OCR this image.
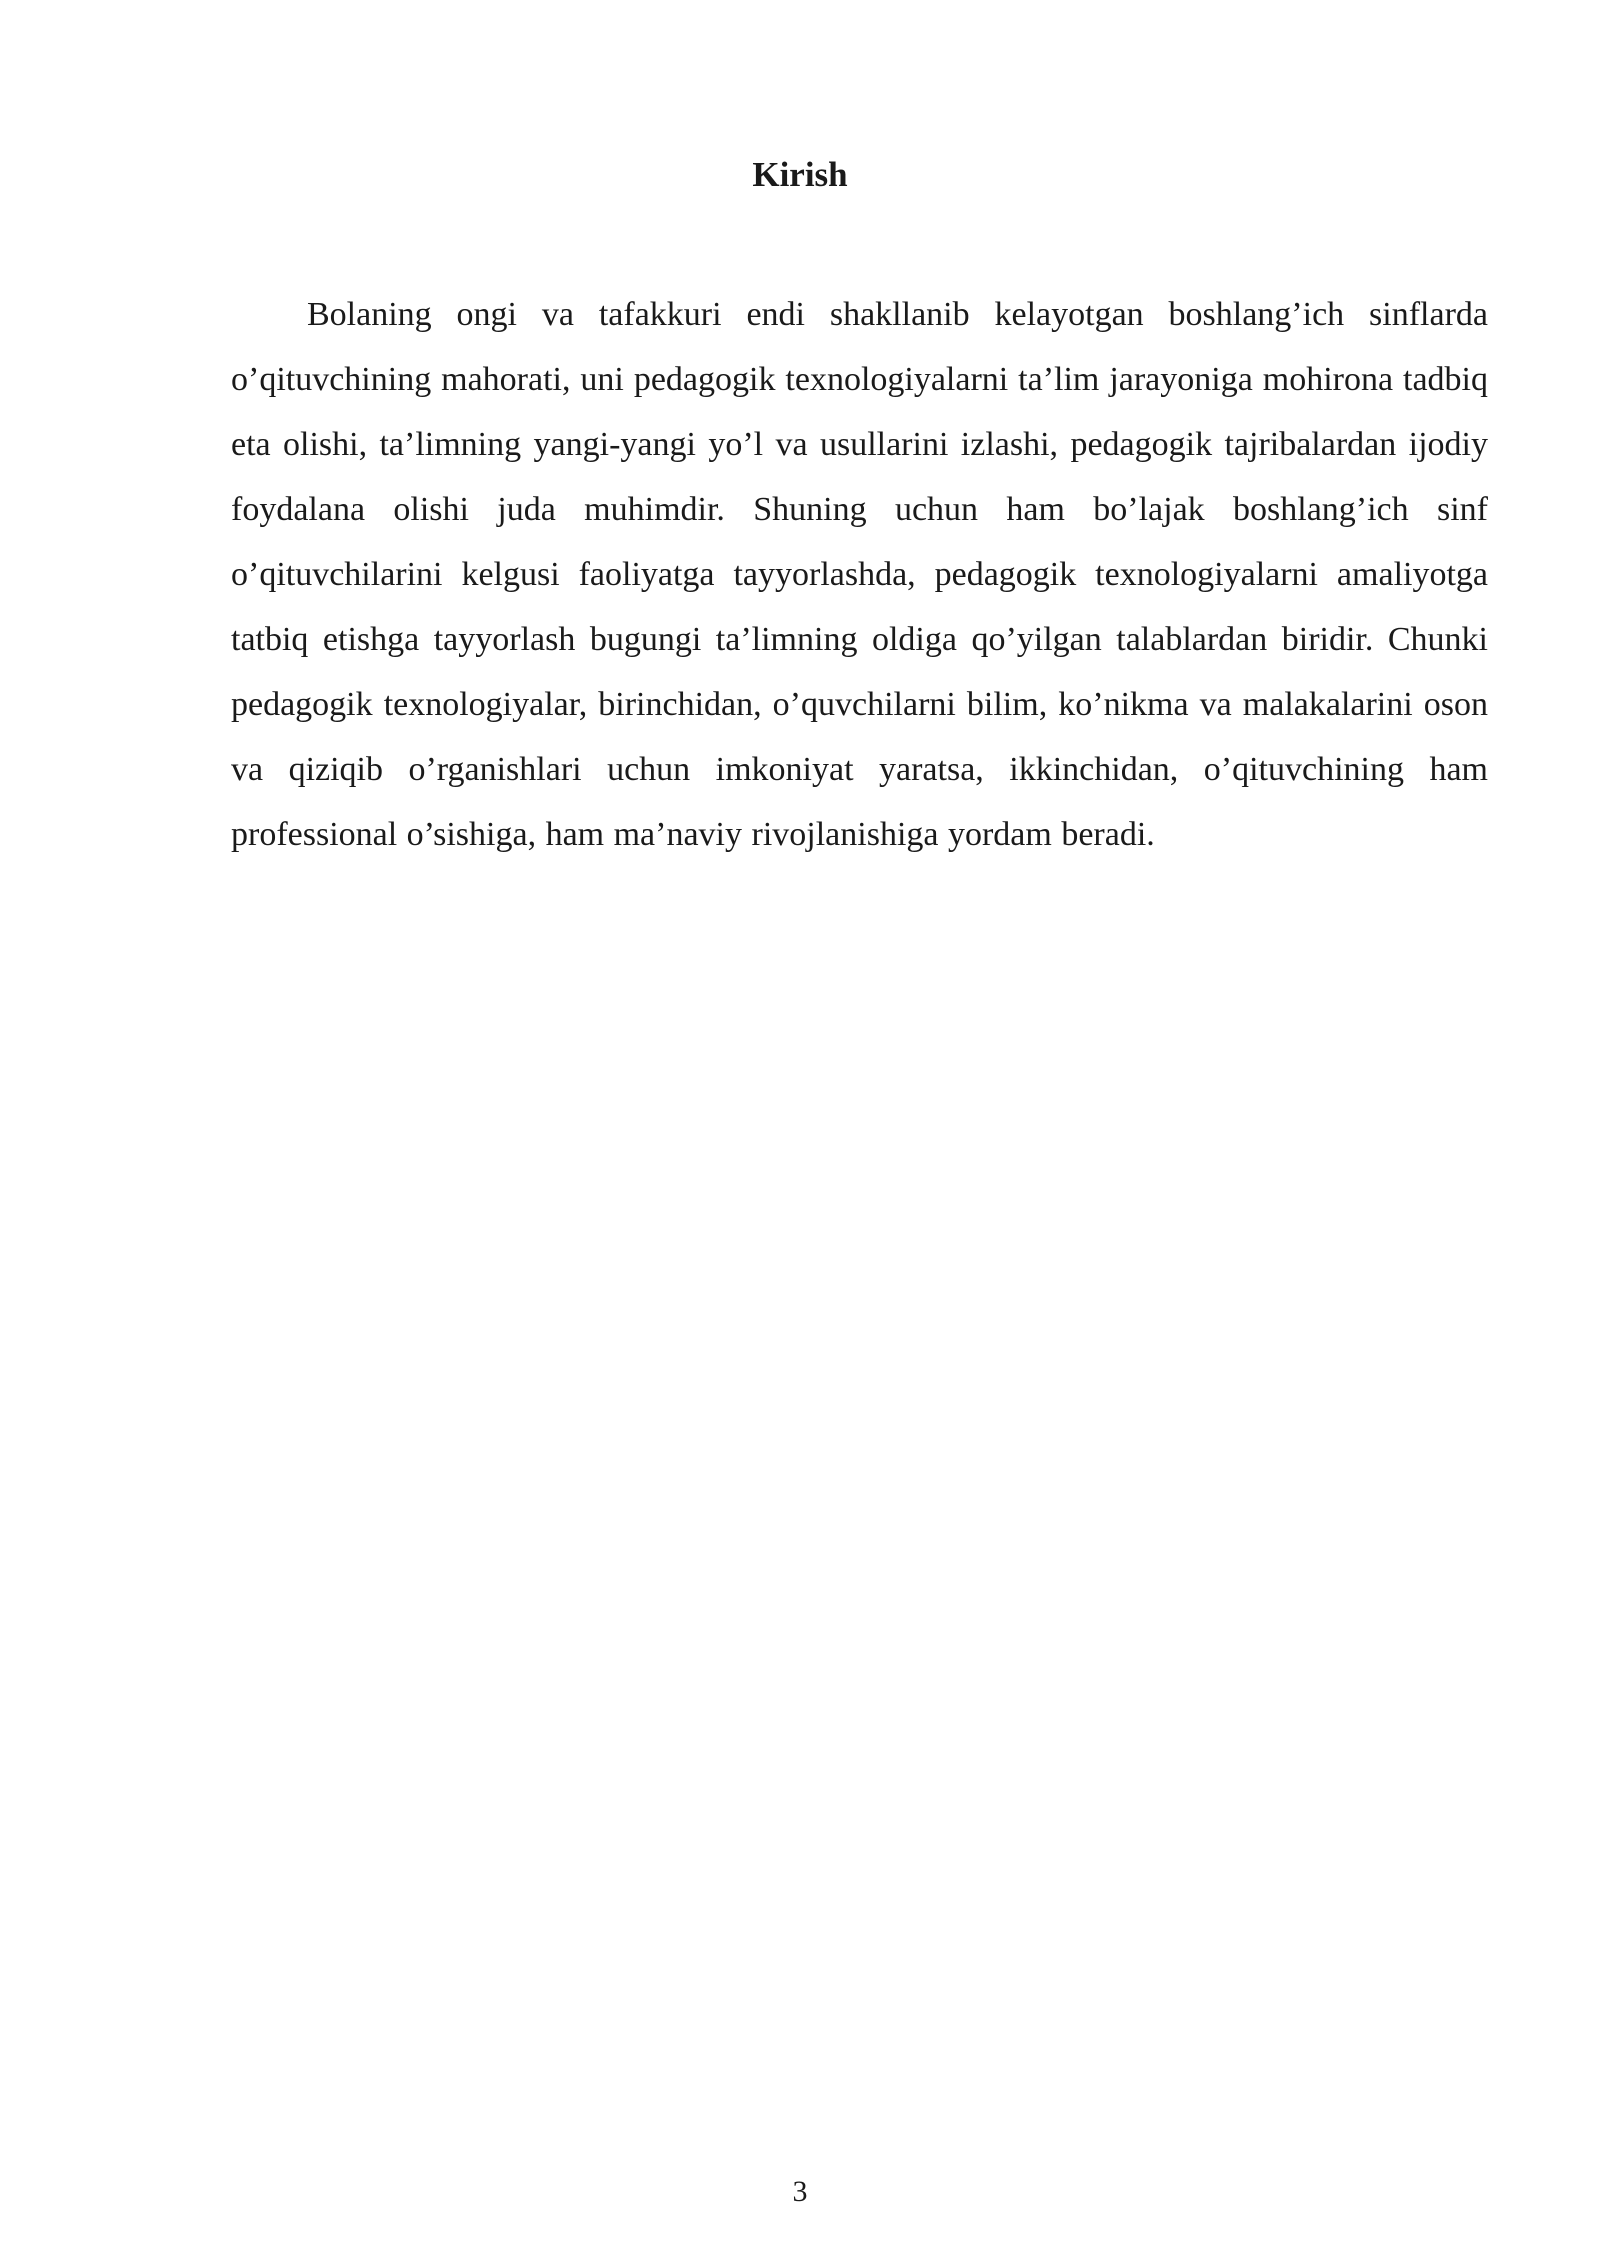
Kirish

Bolaning ongi va tafakkuri endi shakllanib kelayotgan boshlang’ich sinflarda o’qituvchining mahorati, uni pedagogik texnologiyalarni ta’lim jarayoniga mohirona tadbiq eta olishi, ta’limning yangi-yangi yo’l va usullarini izlashi, pedagogik tajribalardan ijodiy foydalana olishi juda muhimdir. Shuning uchun ham bo’lajak boshlang’ich sinf o’qituvchilarini kelgusi faoliyatga tayyorlashda, pedagogik texnologiyalarni amaliyotga tatbiq etishga tayyorlash bugungi ta’limning oldiga qo’yilgan talablardan biridir. Chunki pedagogik texnologiyalar, birinchidan, o’quvchilarni bilim, ko’nikma va malakalarini oson va qiziqib o’rganishlari uchun imkoniyat yaratsa, ikkinchidan, o’qituvchining ham professional o’sishiga, ham ma’naviy rivojlanishiga yordam beradi.

3
